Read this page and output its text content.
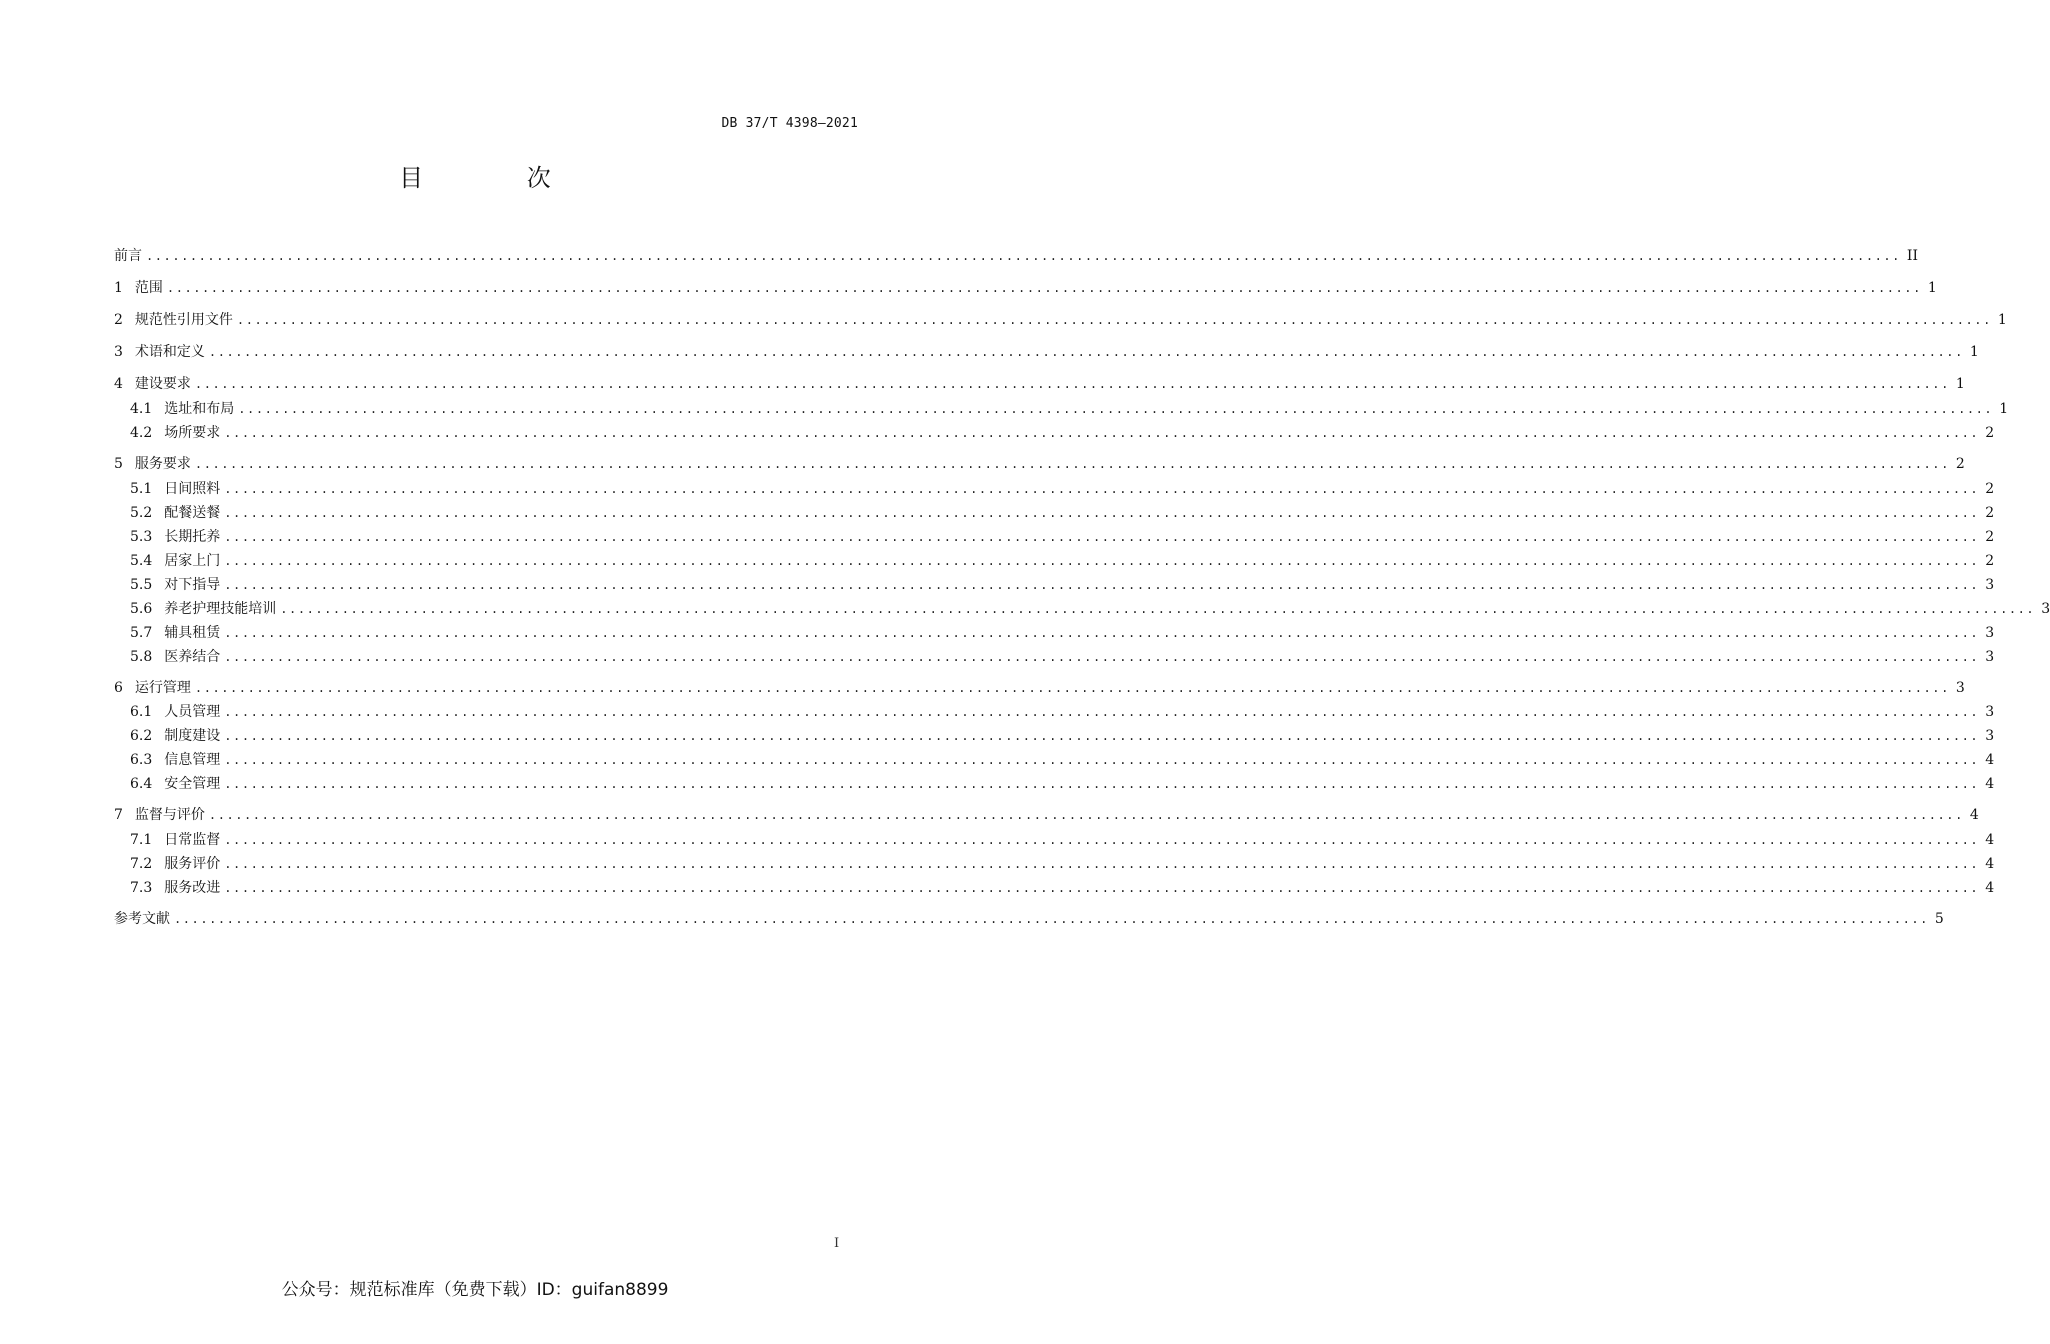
DB 37/T 4398—2021
目 次
前言 ........................................................................................................................................................................................................ II
1 范围 ........................................................................................................................................................................................................ 1
2 规范性引用文件 ........................................................................................................................................................................................................ 1
3 术语和定义 ........................................................................................................................................................................................................ 1
4 建设要求 ........................................................................................................................................................................................................ 1
4.1 选址和布局 ........................................................................................................................................................................................................ 1
4.2 场所要求 ........................................................................................................................................................................................................ 2
5 服务要求 ........................................................................................................................................................................................................ 2
5.1 日间照料 ........................................................................................................................................................................................................ 2
5.2 配餐送餐 ........................................................................................................................................................................................................ 2
5.3 长期托养 ........................................................................................................................................................................................................ 2
5.4 居家上门 ........................................................................................................................................................................................................ 2
5.5 对下指导 ........................................................................................................................................................................................................ 3
5.6 养老护理技能培训 ........................................................................................................................................................................................................ 3
5.7 辅具租赁 ........................................................................................................................................................................................................ 3
5.8 医养结合 ........................................................................................................................................................................................................ 3
6 运行管理 ........................................................................................................................................................................................................ 3
6.1 人员管理 ........................................................................................................................................................................................................ 3
6.2 制度建设 ........................................................................................................................................................................................................ 3
6.3 信息管理 ........................................................................................................................................................................................................ 4
6.4 安全管理 ........................................................................................................................................................................................................ 4
7 监督与评价 ........................................................................................................................................................................................................ 4
7.1 日常监督 ........................................................................................................................................................................................................ 4
7.2 服务评价 ........................................................................................................................................................................................................ 4
7.3 服务改进 ........................................................................................................................................................................................................ 4
参考文献 ........................................................................................................................................................................................................ 5
I
公众号：规范标准库（免费下载）ID：guifan8899
